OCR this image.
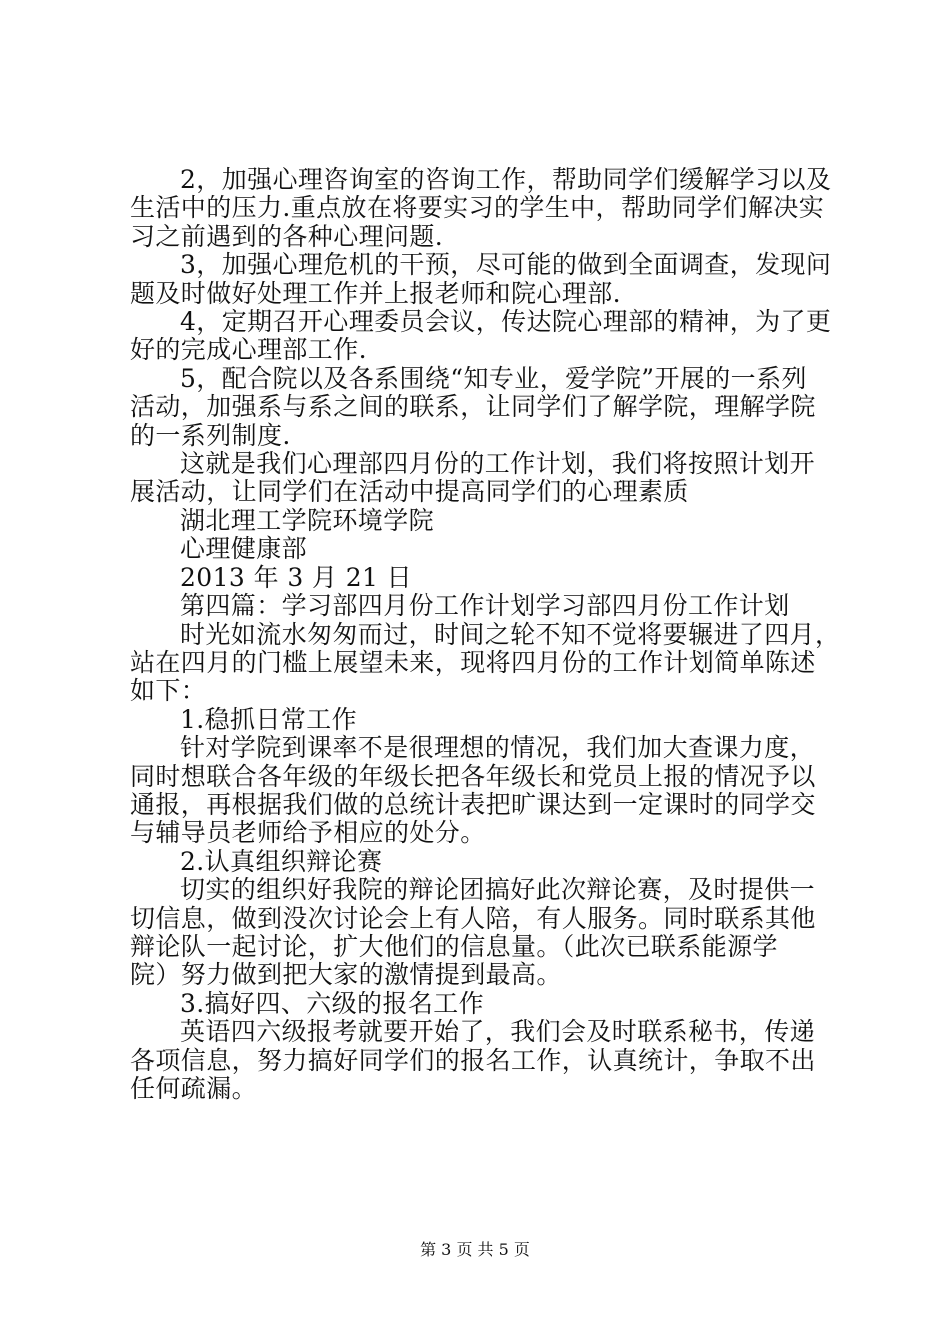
2，加强心理咨询室的咨询工作，帮助同学们缓解学习以及
生活中的压力.重点放在将要实习的学生中，帮助同学们解决实
习之前遇到的各种心理问题.
3，加强心理危机的干预，尽可能的做到全面调查，发现问
题及时做好处理工作并上报老师和院心理部.
4，定期召开心理委员会议，传达院心理部的精神，为了更
好的完成心理部工作.
5，配合院以及各系围绕“知专业，爱学院”开展的一系列
活动，加强系与系之间的联系，让同学们了解学院，理解学院
的一系列制度.
这就是我们心理部四月份的工作计划，我们将按照计划开
展活动，让同学们在活动中提高同学们的心理素质
湖北理工学院环境学院
心理健康部
2013 年 3 月 21 日
第四篇：学习部四月份工作计划学习部四月份工作计划
时光如流水匆匆而过，时间之轮不知不觉将要辗进了四月，
站在四月的门槛上展望未来，现将四月份的工作计划简单陈述
如下：
1.稳抓日常工作
针对学院到课率不是很理想的情况，我们加大查课力度，
同时想联合各年级的年级长把各年级长和党员上报的情况予以
通报，再根据我们做的总统计表把旷课达到一定课时的同学交
与辅导员老师给予相应的处分。
2.认真组织辩论赛
切实的组织好我院的辩论团搞好此次辩论赛，及时提供一
切信息，做到没次讨论会上有人陪，有人服务。同时联系其他
辩论队一起讨论，扩大他们的信息量。（此次已联系能源学
院）努力做到把大家的激情提到最高。
3.搞好四、六级的报名工作
英语四六级报考就要开始了，我们会及时联系秘书，传递
各项信息，努力搞好同学们的报名工作，认真统计，争取不出
任何疏漏。
第 3 页 共 5 页
